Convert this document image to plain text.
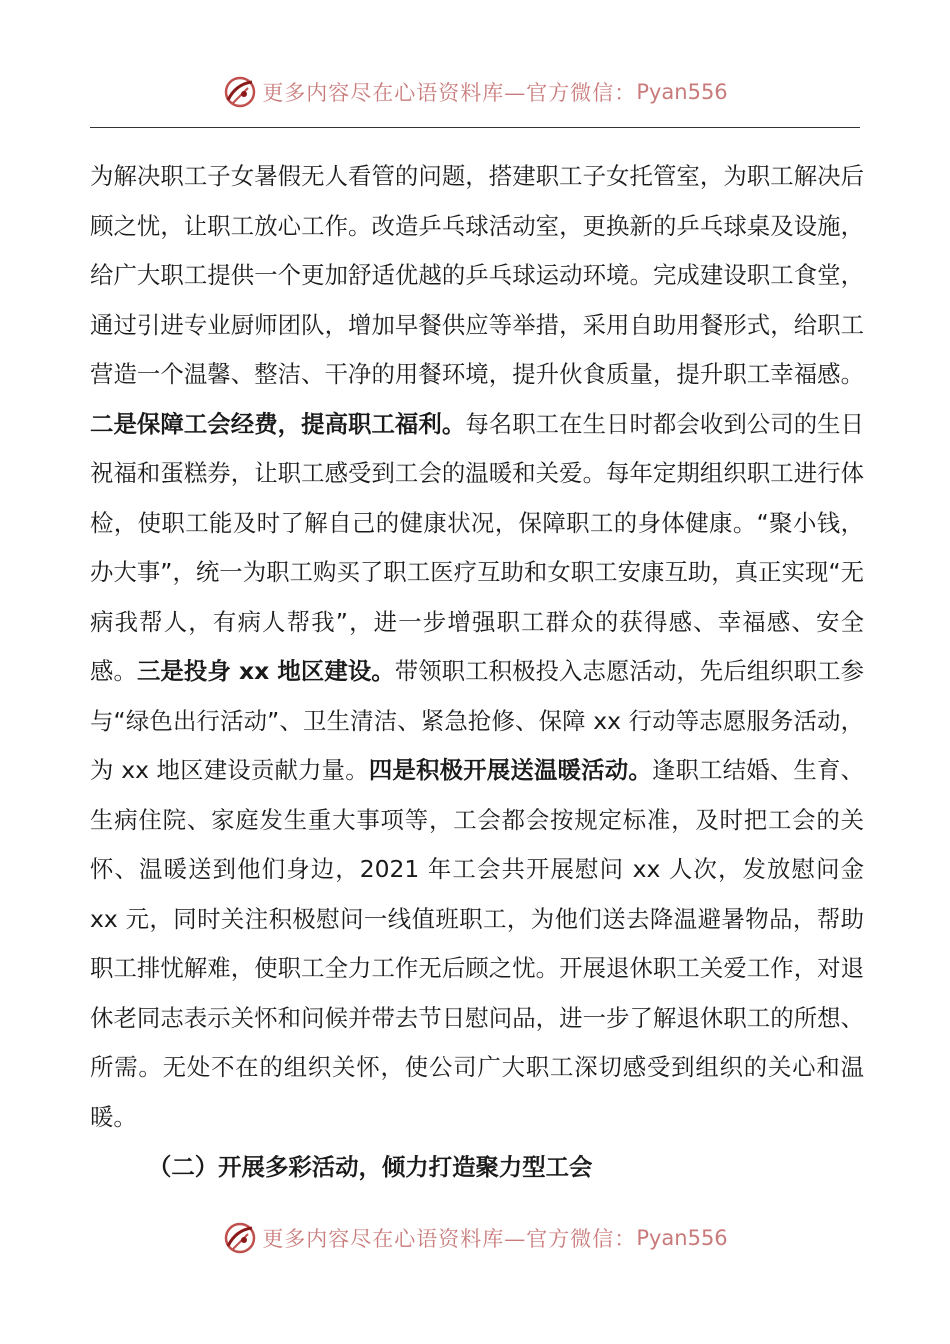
更多内容尽在心语资料库—官方微信： Pyan556

为解决职工子女暑假无人看管的问题，搭建职工子女托管室，为职工解决后顾之忧，让职工放心工作。改造乒乓球活动室，更换新的乒乓球桌及设施，给广大职工提供一个更加舒适优越的乒乓球运动环境。完成建设职工食堂，通过引进专业厨师团队，增加早餐供应等举措，采用自助用餐形式，给职工营造一个温馨、整洁、干净的用餐环境，提升伙食质量，提升职工幸福感。二是保障工会经费，提高职工福利。每名职工在生日时都会收到公司的生日祝福和蛋糕券，让职工感受到工会的温暖和关爱。每年定期组织职工进行体检，使职工能及时了解自己的健康状况，保障职工的身体健康。“聚小钱，办大事”，统一为职工购买了职工医疗互助和女职工安康互助，真正实现“无病我帮人，有病人帮我”，进一步增强职工群众的获得感、幸福感、安全感。三是投身 xx 地区建设。带领职工积极投入志愿活动，先后组织职工参与“绿色出行活动”、卫生清洁、紧急抢修、保障 xx 行动等志愿服务活动，为 xx 地区建设贡献力量。四是积极开展送温暖活动。逢职工结婚、生育、生病住院、家庭发生重大事项等，工会都会按规定标准，及时把工会的关怀、温暖送到他们身边，2021 年工会共开展慰问 xx 人次，发放慰问金 xx 元，同时关注积极慰问一线值班职工，为他们送去降温避暑物品，帮助职工排忧解难，使职工全力工作无后顾之忧。开展退休职工关爱工作，对退休老同志表示关怀和问候并带去节日慰问品，进一步了解退休职工的所想、所需。无处不在的组织关怀，使公司广大职工深切感受到组织的关心和温暖。

（二）开展多彩活动，倾力打造聚力型工会

更多内容尽在心语资料库—官方微信： Pyan556
